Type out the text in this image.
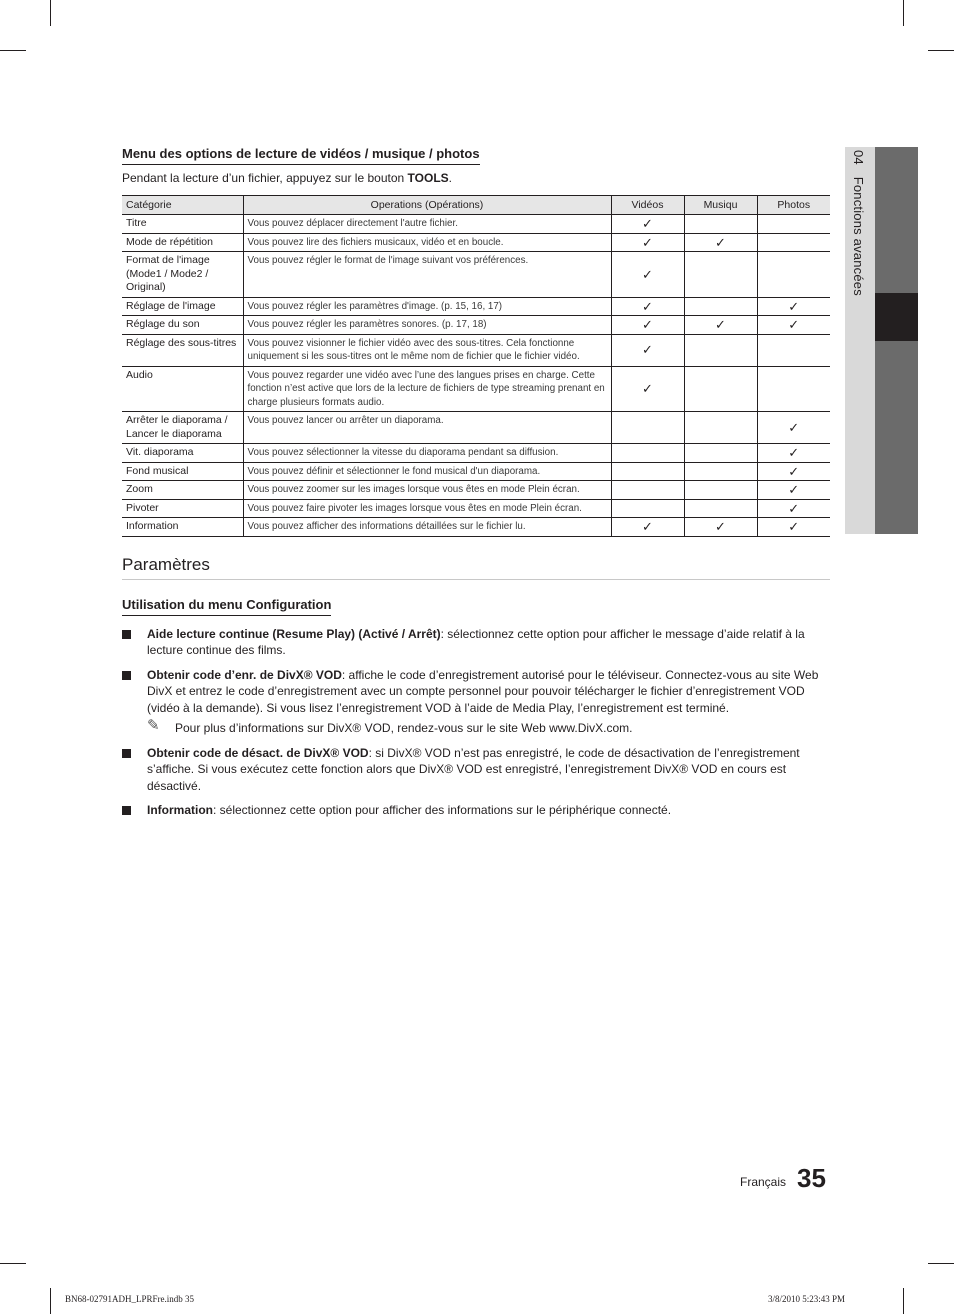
04 Fonctions avancées
Menu des options de lecture de vidéos / musique / photos

Pendant la lecture d’un fichier, appuyez sur le bouton TOOLS.

Catégorie	Operations (Opérations)	Vidéos	Musiqu	Photos
Titre	Vous pouvez déplacer directement l'autre fichier.	✓		
Mode de répétition	Vous pouvez lire des fichiers musicaux, vidéo et en boucle.	✓	✓	
Format de l'image (Mode1 / Mode2 / Original)	Vous pouvez régler le format de l'image suivant vos préférences.	✓		
Réglage de l'image	Vous pouvez régler les paramètres d'image. (p. 15, 16, 17)	✓		✓
Réglage du son	Vous pouvez régler les paramètres sonores. (p. 17, 18)	✓	✓	✓
Réglage des sous-titres	Vous pouvez visionner le fichier vidéo avec des sous-titres. Cela fonctionne uniquement si les sous-titres ont le même nom de fichier que le fichier vidéo.	✓		
Audio	Vous pouvez regarder une vidéo avec l’une des langues prises en charge. Cette fonction n’est active que lors de la lecture de fichiers de type streaming prenant en charge plusieurs formats audio.	✓		
Arrêter le diaporama / Lancer le diaporama	Vous pouvez lancer ou arrêter un diaporama.			✓
Vit. diaporama	Vous pouvez sélectionner la vitesse du diaporama pendant sa diffusion.			✓
Fond musical	Vous pouvez définir et sélectionner le fond musical d'un diaporama.			✓
Zoom	Vous pouvez zoomer sur les images lorsque vous êtes en mode Plein écran.			✓
Pivoter	Vous pouvez faire pivoter les images lorsque vous êtes en mode Plein écran.			✓
Information	Vous pouvez afficher des informations détaillées sur le fichier lu.	✓	✓	✓
Paramètres
Utilisation du menu Configuration
Aide lecture continue (Resume Play) (Activé / Arrêt): sélectionnez cette option pour afficher le message d’aide relatif à la lecture continue des films.
Obtenir code d’enr. de DivX® VOD: affiche le code d’enregistrement autorisé pour le téléviseur. Connectez-vous au site Web DivX et entrez le code d’enregistrement avec un compte personnel pour pouvoir télécharger le fichier d’enregistrement VOD (vidéo à la demande). Si vous lisez l’enregistrement VOD à l’aide de Media Play, l’enregistrement est terminé.
✎ Pour plus d’informations sur DivX® VOD, rendez-vous sur le site Web www.DivX.com.
Obtenir code de désact. de DivX® VOD: si DivX® VOD n’est pas enregistré, le code de désactivation de l’enregistrement s’affiche. Si vous exécutez cette fonction alors que DivX® VOD est enregistré, l’enregistrement DivX® VOD en cours est désactivé.
Information: sélectionnez cette option pour afficher des informations sur le périphérique connecté.
Français 35
BN68-02791ADH_LPRFre.indb 35	3/8/2010 5:23:43 PM
